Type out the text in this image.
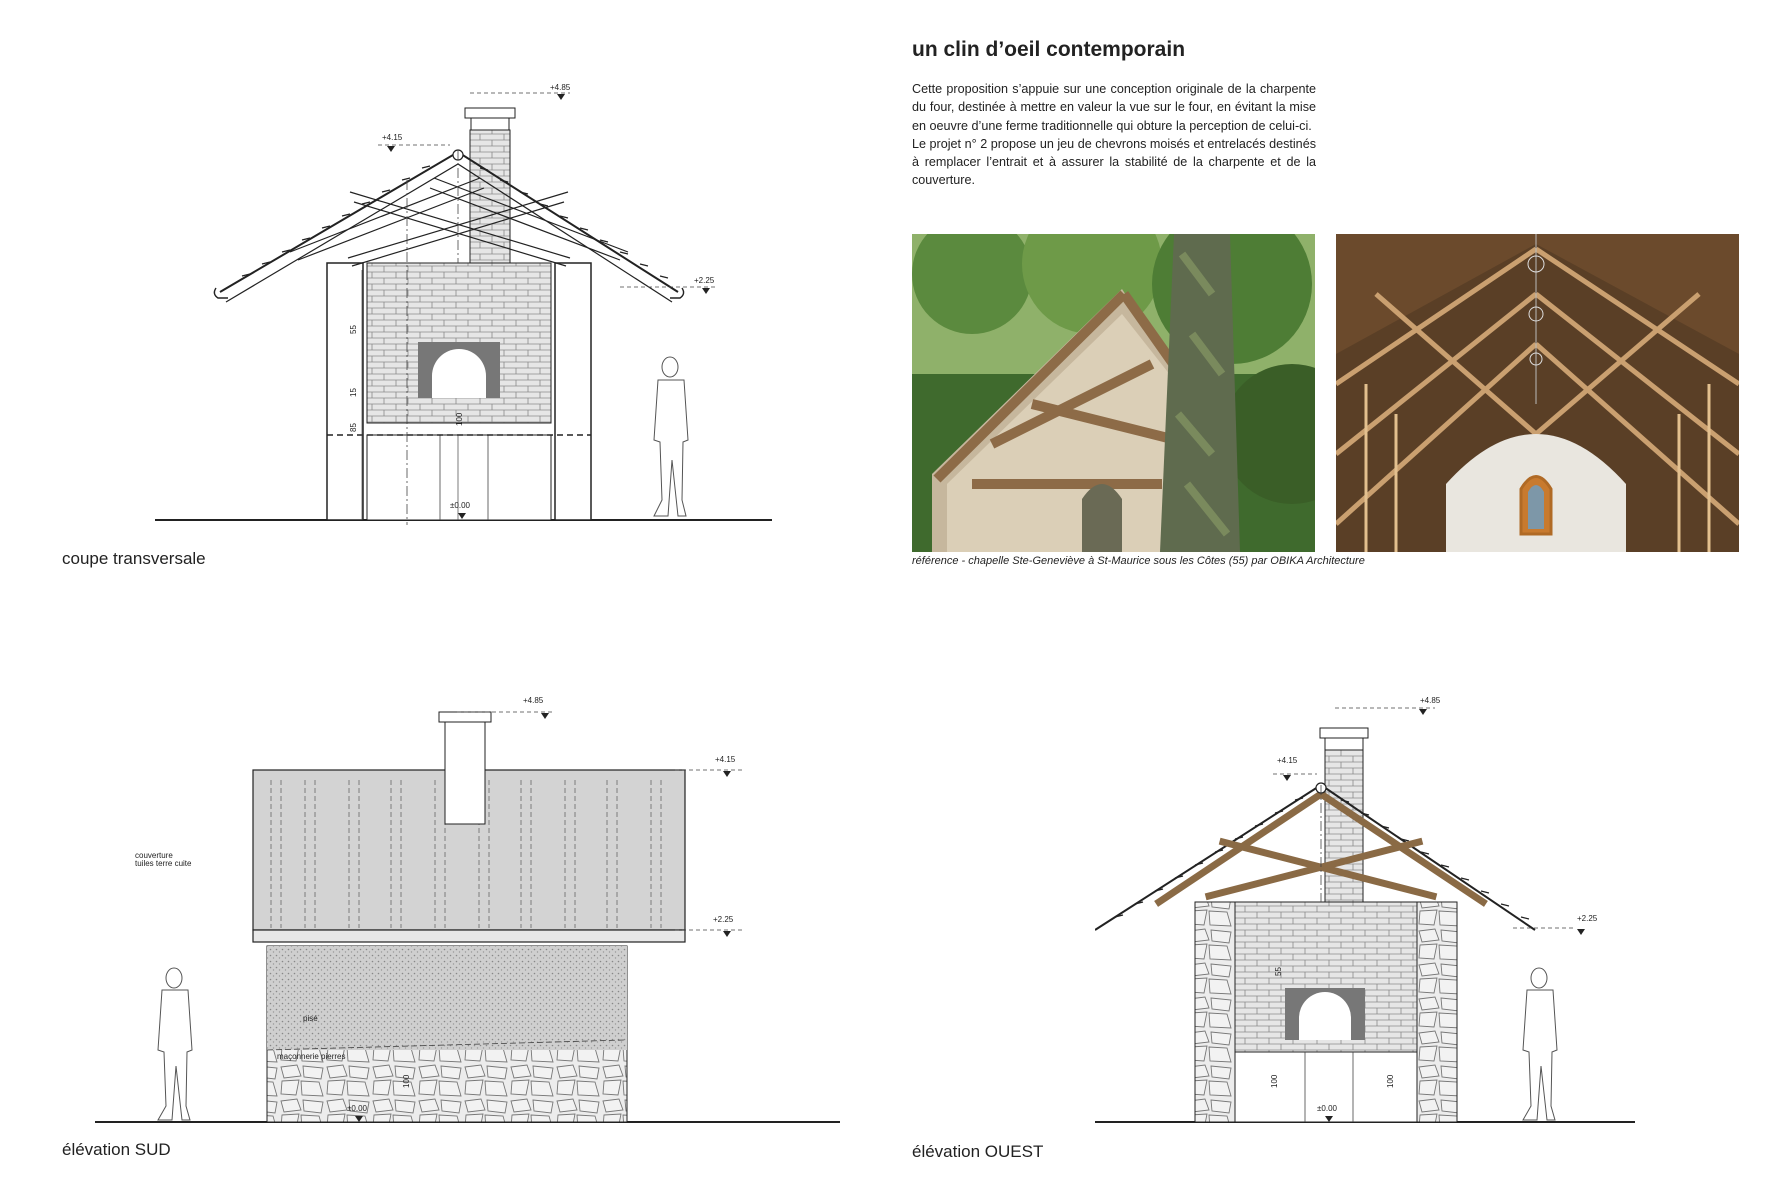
55
15
85
100
+4.85
+4.15
+2.25
±0.00
coupe transversale
+4.85
+4.15
+2.25
±0.00
couverture
tuiles terre cuite
pisé
maçonnerie pierres
100
élévation SUD
+4.85
+4.15
+2.25
±0.00
100	100
55
élévation OUEST
un clin d’oeil contemporain

Cette proposition s’appuie sur une conception originale de la charpente du four, destinée à mettre en valeur la vue sur le four, en évitant la mise en oeuvre d’une ferme traditionnelle qui obture la perception de celui-ci.

Le projet n° 2 propose un jeu de chevrons moisés et entrelacés destinés à remplacer l’entrait et à assurer la stabilité de la charpente et de la couverture.

référence - chapelle Ste-Geneviève à St-Maurice sous les Côtes (55) par OBIKA Architecture
